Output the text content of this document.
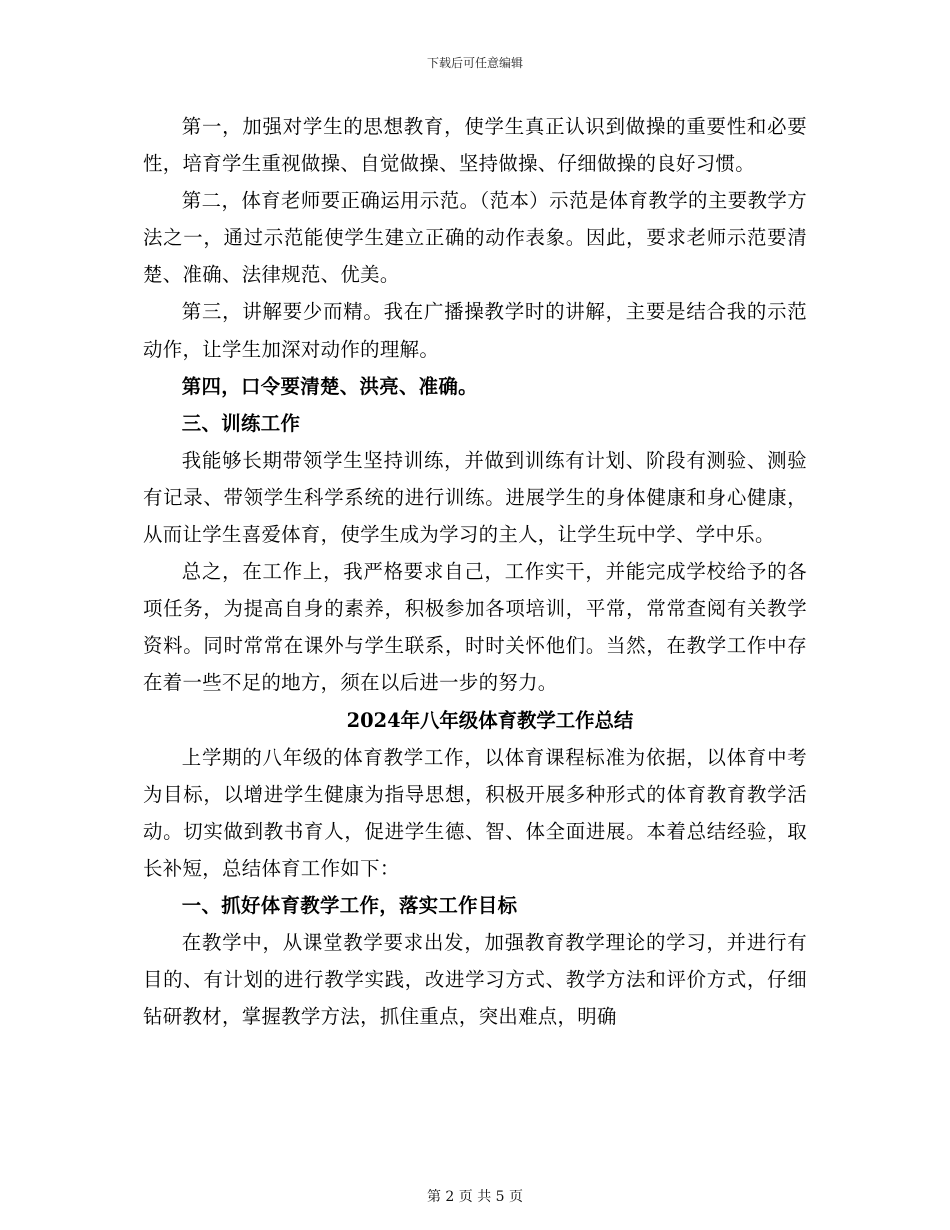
下载后可任意编辑

第一，加强对学生的思想教育，使学生真正认识到做操的重要性和必要性，培育学生重视做操、自觉做操、坚持做操、仔细做操的良好习惯。

第二，体育老师要正确运用示范。（范本）示范是体育教学的主要教学方法之一，通过示范能使学生建立正确的动作表象。因此，要求老师示范要清楚、准确、法律规范、优美。

第三，讲解要少而精。我在广播操教学时的讲解，主要是结合我的示范动作，让学生加深对动作的理解。

第四，口令要清楚、洪亮、准确。

三、训练工作

我能够长期带领学生坚持训练，并做到训练有计划、阶段有测验、测验有记录、带领学生科学系统的进行训练。进展学生的身体健康和身心健康，从而让学生喜爱体育，使学生成为学习的主人，让学生玩中学、学中乐。

总之，在工作上，我严格要求自己，工作实干，并能完成学校给予的各项任务，为提高自身的素养，积极参加各项培训，平常，常常查阅有关教学资料。同时常常在课外与学生联系，时时关怀他们。当然，在教学工作中存在着一些不足的地方，须在以后进一步的努力。

2024年八年级体育教学工作总结

上学期的八年级的体育教学工作，以体育课程标准为依据，以体育中考为目标，以增进学生健康为指导思想，积极开展多种形式的体育教育教学活动。切实做到教书育人，促进学生德、智、体全面进展。本着总结经验，取长补短，总结体育工作如下：

一、抓好体育教学工作，落实工作目标

在教学中，从课堂教学要求出发，加强教育教学理论的学习，并进行有目的、有计划的进行教学实践，改进学习方式、教学方法和评价方式，仔细钻研教材，掌握教学方法，抓住重点，突出难点，明确

第 2 页 共 5 页
